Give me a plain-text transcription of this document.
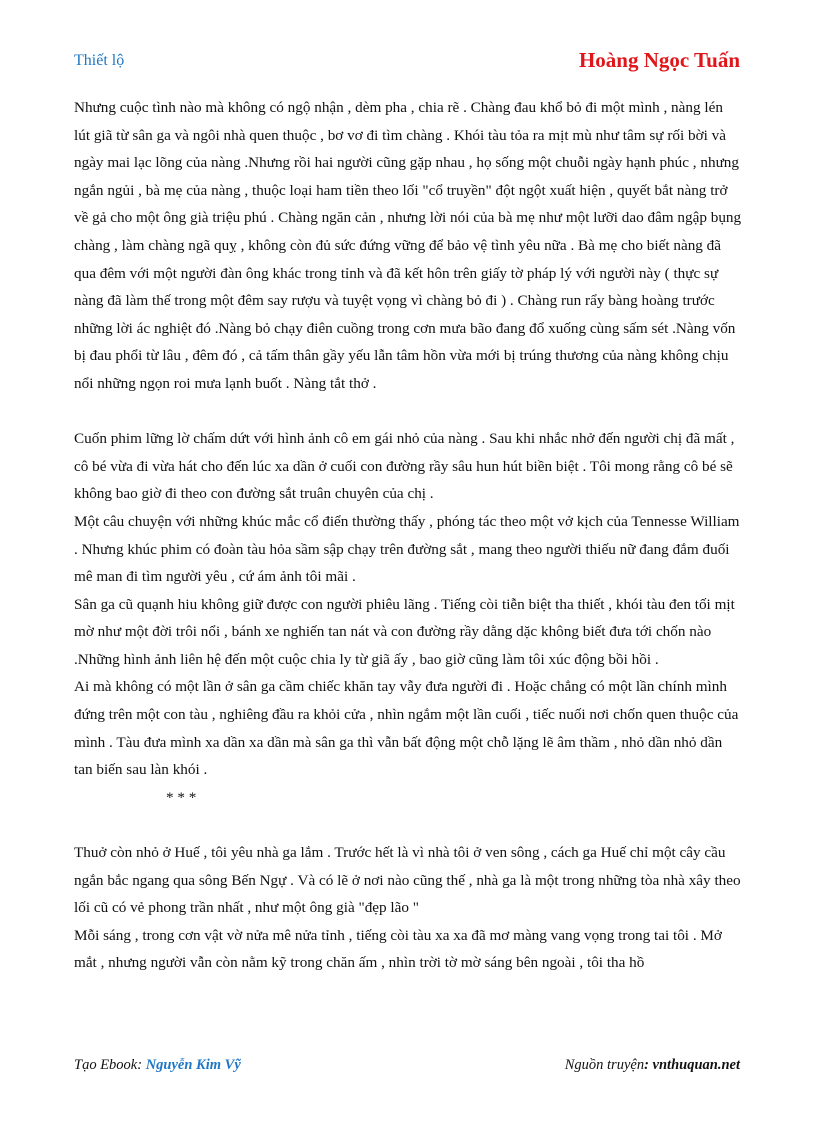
Thiết lộ	Hoàng Ngọc Tuấn

Nhưng cuộc tình nào mà không có ngộ nhận , dèm pha , chia rẽ . Chàng đau khổ bỏ đi một mình , nàng lén lút giã từ sân ga và ngôi nhà quen thuộc , bơ vơ đi tìm chàng . Khói tàu tỏa ra mịt mù như tâm sự rối bời và ngày mai lạc lõng của nàng .Nhưng rồi hai người cũng gặp nhau , họ sống một chuỗi ngày hạnh phúc , nhưng ngắn ngủi , bà mẹ của nàng , thuộc loại ham tiền theo lối "cổ truyền" đột ngột xuất hiện , quyết bắt nàng trở về gả cho một ông già triệu phú . Chàng ngăn cản , nhưng lời nói của bà mẹ như một lưỡi dao đâm ngập bụng chàng , làm chàng ngã quỵ , không còn đủ sức đứng vững để bảo vệ tình yêu nữa . Bà mẹ cho biết nàng đã qua đêm với một người đàn ông khác trong tỉnh và đã kết hôn trên giấy tờ pháp lý với người này ( thực sự nàng đã làm thế trong một đêm say rượu và tuyệt vọng vì chàng bỏ đi ) . Chàng run rẩy bàng hoàng trước những lời ác nghiệt đó .Nàng bỏ chạy điên cuồng trong cơn mưa bão đang đổ xuống cùng sấm sét .Nàng vốn bị đau phổi từ lâu , đêm đó , cả tấm thân gầy yếu lẫn tâm hồn vừa mới bị trúng thương của nàng không chịu nổi những ngọn roi mưa lạnh buốt . Nàng tắt thở .

Cuốn phim lững lờ chấm dứt với hình ảnh cô em gái nhỏ của nàng . Sau khi nhắc nhở đến người chị đã mất , cô bé vừa đi vừa hát cho đến lúc xa dần ở cuối con đường rầy sâu hun hút biền biệt . Tôi mong rằng cô bé sẽ không bao giờ đi theo con đường sắt truân chuyên của chị .

Một câu chuyện với những khúc mắc cổ điển thường thấy , phóng tác theo một vở kịch của Tennesse William . Nhưng khúc phim có đoàn tàu hỏa sầm sập chạy trên đường sắt , mang theo người thiếu nữ đang đắm đuối mê man đi tìm người yêu , cứ ám ảnh tôi mãi .

Sân ga cũ quạnh hiu không giữ được con người phiêu lãng . Tiếng còi tiễn biệt tha thiết , khói tàu đen tối mịt mờ như một đời trôi nổi , bánh xe nghiến tan nát và con đường rầy dằng dặc không biết đưa tới chốn nào .Những hình ảnh liên hệ đến một cuộc chia ly từ giã ấy , bao giờ cũng làm tôi xúc động bồi hồi .

Ai mà không có một lần ở sân ga cầm chiếc khăn tay vẫy đưa người đi . Hoặc chẳng có một lần chính mình đứng trên một con tàu , nghiêng đầu ra khỏi cửa , nhìn ngắm một lần cuối , tiếc nuối nơi chốn quen thuộc của mình . Tàu đưa mình xa dần xa dần mà sân ga thì vẫn bất động một chỗ lặng lẽ âm thầm , nhỏ dần nhỏ dần tan biến sau làn khói .

* * *

Thuở còn nhỏ ở Huế , tôi yêu nhà ga lắm . Trước hết là vì nhà tôi ở ven sông , cách ga Huế chỉ một cây cầu ngắn bắc ngang qua sông Bến Ngự . Và có lẽ ở nơi nào cũng thế , nhà ga là một trong những tòa nhà xây theo lối cũ có vẻ phong trần nhất , như một ông già "đẹp lão "

Mỗi sáng , trong cơn vật vờ nửa mê nửa tỉnh , tiếng còi tàu xa xa đã mơ màng vang vọng trong tai tôi . Mở mắt , nhưng người vẫn còn nằm kỹ trong chăn ấm , nhìn trời tờ mờ sáng bên ngoài , tôi tha hồ

Tạo Ebook: Nguyễn Kim Vỹ	Nguồn truyện: vnthuquan.net
